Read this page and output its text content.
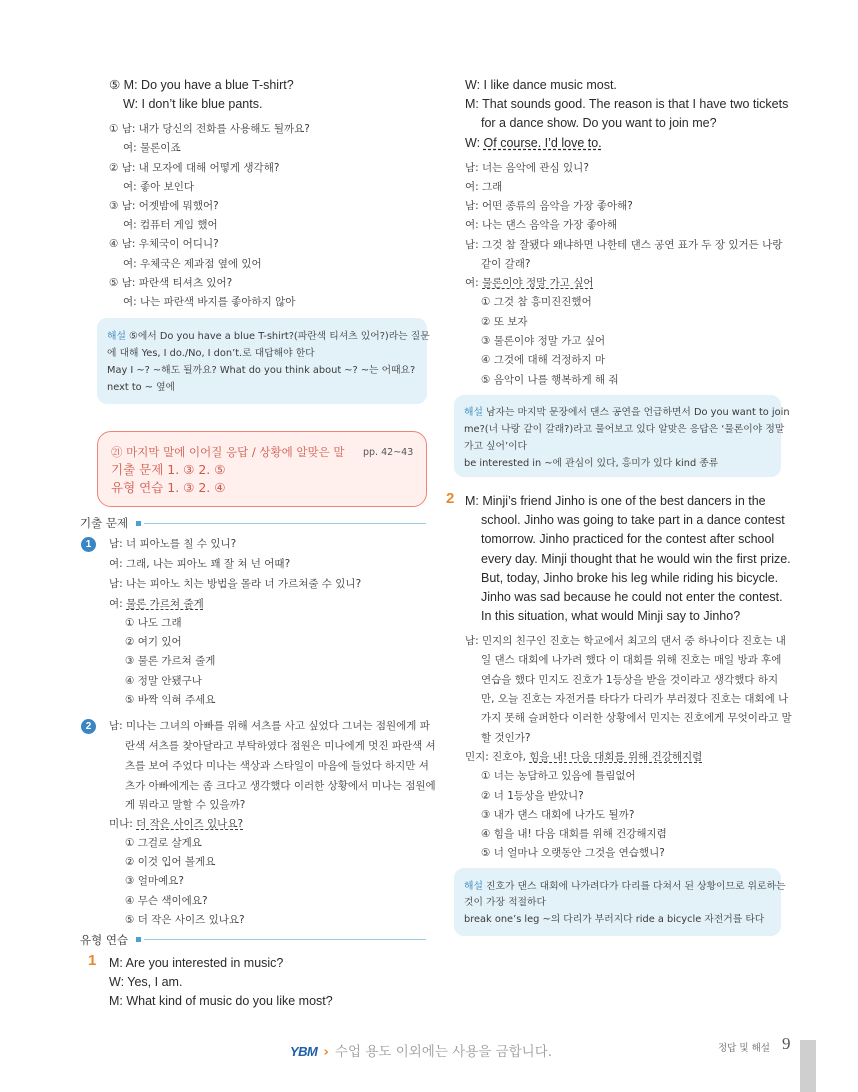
⑤ M: Do you have a blue T-shirt?
W: I don’t like blue pants.
① 남: 내가 당신의 전화를 사용해도 될까요?
여: 물론이죠
② 남: 내 모자에 대해 어떻게 생각해?
여: 좋아 보인다
③ 남: 어젯밤에 뭐했어?
여: 컴퓨터 게임 했어
④ 남: 우체국이 어디니?
여: 우체국은 제과점 옆에 있어
⑤ 남: 파란색 티셔츠 있어?
여: 나는 파란색 바지를 좋아하지 않아
해설 ⑤에서 Do you have a blue T-shirt?(파란색 티셔츠 있어?)라는 질문
에 대해 Yes, I do./No, I don’t.로 대답해야 한다
May I ~? ~해도 될까요? What do you think about ~? ~는 어때요?
next to ~ 옆에
㉑ 마지막 말에 이어질 응답 / 상황에 알맞은 말 pp. 42~43
기출 문제 1. ③ 2. ⑤
유형 연습 1. ③ 2. ④
기출 문제
1	남: 너 피아노를 칠 수 있니?
여: 그래, 나는 피아노 꽤 잘 쳐 넌 어때?
남: 나는 피아노 치는 방법을 몰라 너 가르쳐줄 수 있니?
여: 물론 가르쳐 줄게
① 나도 그래
② 여기 있어
③ 물론 가르쳐 줄게
④ 정말 안됐구나
⑤ 바짝 익혀 주세요
2	남: 미나는 그녀의 아빠를 위해 셔츠를 사고 싶었다 그녀는 점원에게 파
란색 셔츠를 찾아달라고 부탁하였다 점원은 미나에게 멋진 파란색 셔
츠를 보여 주었다 미나는 색상과 스타일이 마음에 들었다 하지만 셔
츠가 아빠에게는 좀 크다고 생각했다 이러한 상황에서 미나는 점원에
게 뭐라고 말할 수 있을까?
미나: 더 작은 사이즈 있나요?
① 그걸로 살게요
② 이것 입어 볼게요
③ 얼마예요?
④ 무슨 색이에요?
⑤ 더 작은 사이즈 있나요?
유형 연습
1 M: Are you interested in music?
W: Yes, I am.
M: What kind of music do you like most?
W: I like dance music most.
M: That sounds good. The reason is that I have two tickets
for a dance show. Do you want to join me?
W: Of course. I’d love to.
남: 너는 음악에 관심 있니?
여: 그래
남: 어떤 종류의 음악을 가장 좋아해?
여: 나는 댄스 음악을 가장 좋아해
남: 그것 참 잘됐다 왜냐하면 나한테 댄스 공연 표가 두 장 있거든 나랑
같이 갈래?
여: 물론이야 정말 가고 싶어
① 그것 참 흥미진진했어
② 또 보자
③ 물론이야 정말 가고 싶어
④ 그것에 대해 걱정하지 마
⑤ 음악이 나를 행복하게 해 줘
해설 남자는 마지막 문장에서 댄스 공연을 언급하면서 Do you want to join
me?(너 나랑 같이 갈래?)라고 물어보고 있다 알맞은 응답은 ‘물론이야 정말
가고 싶어’이다
be interested in ~에 관심이 있다, 흥미가 있다 kind 종류
2 M: Minji’s friend Jinho is one of the best dancers in the
school. Jinho was going to take part in a dance contest
tomorrow. Jinho practiced for the contest after school
every day. Minji thought that he would win the first prize.
But, today, Jinho broke his leg while riding his bicycle.
Jinho was sad because he could not enter the contest.
In this situation, what would Minji say to Jinho?
남: 민지의 친구인 진호는 학교에서 최고의 댄서 중 하나이다 진호는 내
일 댄스 대회에 나가려 했다 이 대회를 위해 진호는 매일 방과 후에
연습을 했다 민지도 진호가 1등상을 받을 것이라고 생각했다 하지
만, 오늘 진호는 자전거를 타다가 다리가 부러졌다 진호는 대회에 나
가지 못해 슬퍼한다 이러한 상황에서 민지는 진호에게 무엇이라고 말
할 것인가?
민지: 진호야, 힘을 내! 다음 대회를 위해 건강해지렴
① 너는 농담하고 있음에 틀림없어
② 너 1등상을 받았니?
③ 내가 댄스 대회에 나가도 될까?
④ 힘을 내! 다음 대회를 위해 건강해지렴
⑤ 너 얼마나 오랫동안 그것을 연습했니?
해설 진호가 댄스 대회에 나가려다가 다리를 다쳐서 된 상황이므로 위로하는
것이 가장 적절하다
break one’s leg ~의 다리가 부러지다 ride a bicycle 자전거를 타다
YBM › 수업 용도 이외에는 사용을 금합니다.	정답 및 해설 9
